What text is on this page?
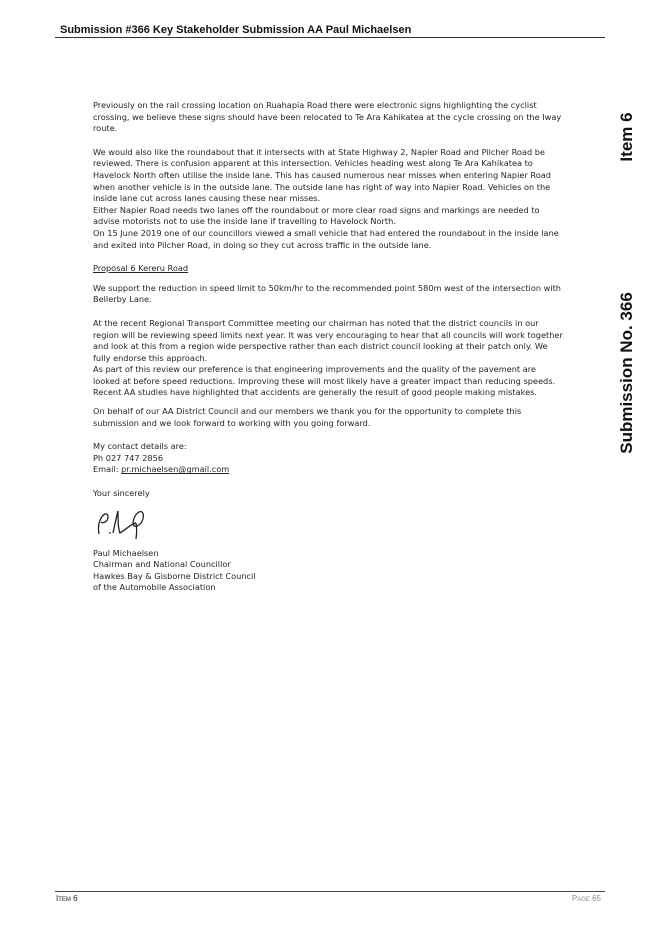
Submission #366 Key Stakeholder Submission AA Paul Michaelsen
Item 6
Submission No. 366

Previously on the rail crossing location on Ruahapia Road there were electronic signs highlighting the cyclist crossing, we believe these signs should have been relocated to Te Ara Kahikatea at the cycle crossing on the Iway route.

We would also like the roundabout that it intersects with at State Highway 2, Napier Road and Pilcher Road be reviewed. There is confusion apparent at this intersection. Vehicles heading west along Te Ara Kahikatea to Havelock North often utilise the inside lane. This has caused numerous near misses when entering Napier Road when another vehicle is in the outside lane. The outside lane has right of way into Napier Road. Vehicles on the inside lane cut across lanes causing these near misses.

Either Napier Road needs two lanes off the roundabout or more clear road signs and markings are needed to advise motorists not to use the inside lane if travelling to Havelock North.

On 15 June 2019 one of our councillors viewed a small vehicle that had entered the roundabout in the inside lane and exited into Pilcher Road, in doing so they cut across traffic in the outside lane.

Proposal 6 Kereru Road

We support the reduction in speed limit to 50km/hr to the recommended point 580m west of the intersection with Bellerby Lane.

At the recent Regional Transport Committee meeting our chairman has noted that the district councils in our region will be reviewing speed limits next year. It was very encouraging to hear that all councils will work together and look at this from a region wide perspective rather than each district council looking at their patch only. We fully endorse this approach.

As part of this review our preference is that engineering improvements and the quality of the pavement are looked at before speed reductions. Improving these will most likely have a greater impact than reducing speeds. Recent AA studies have highlighted that accidents are generally the result of good people making mistakes.

On behalf of our AA District Council and our members we thank you for the opportunity to complete this submission and we look forward to working with you going forward.

My contact details are:

Ph 027 747 2856

Email: pr.michaelsen@gmail.com

Your sincerely

Paul Michaelsen

Chairman and National Councillor

Hawkes Bay & Gisborne District Council

of the Automobile Association

Item 6	Page 65
